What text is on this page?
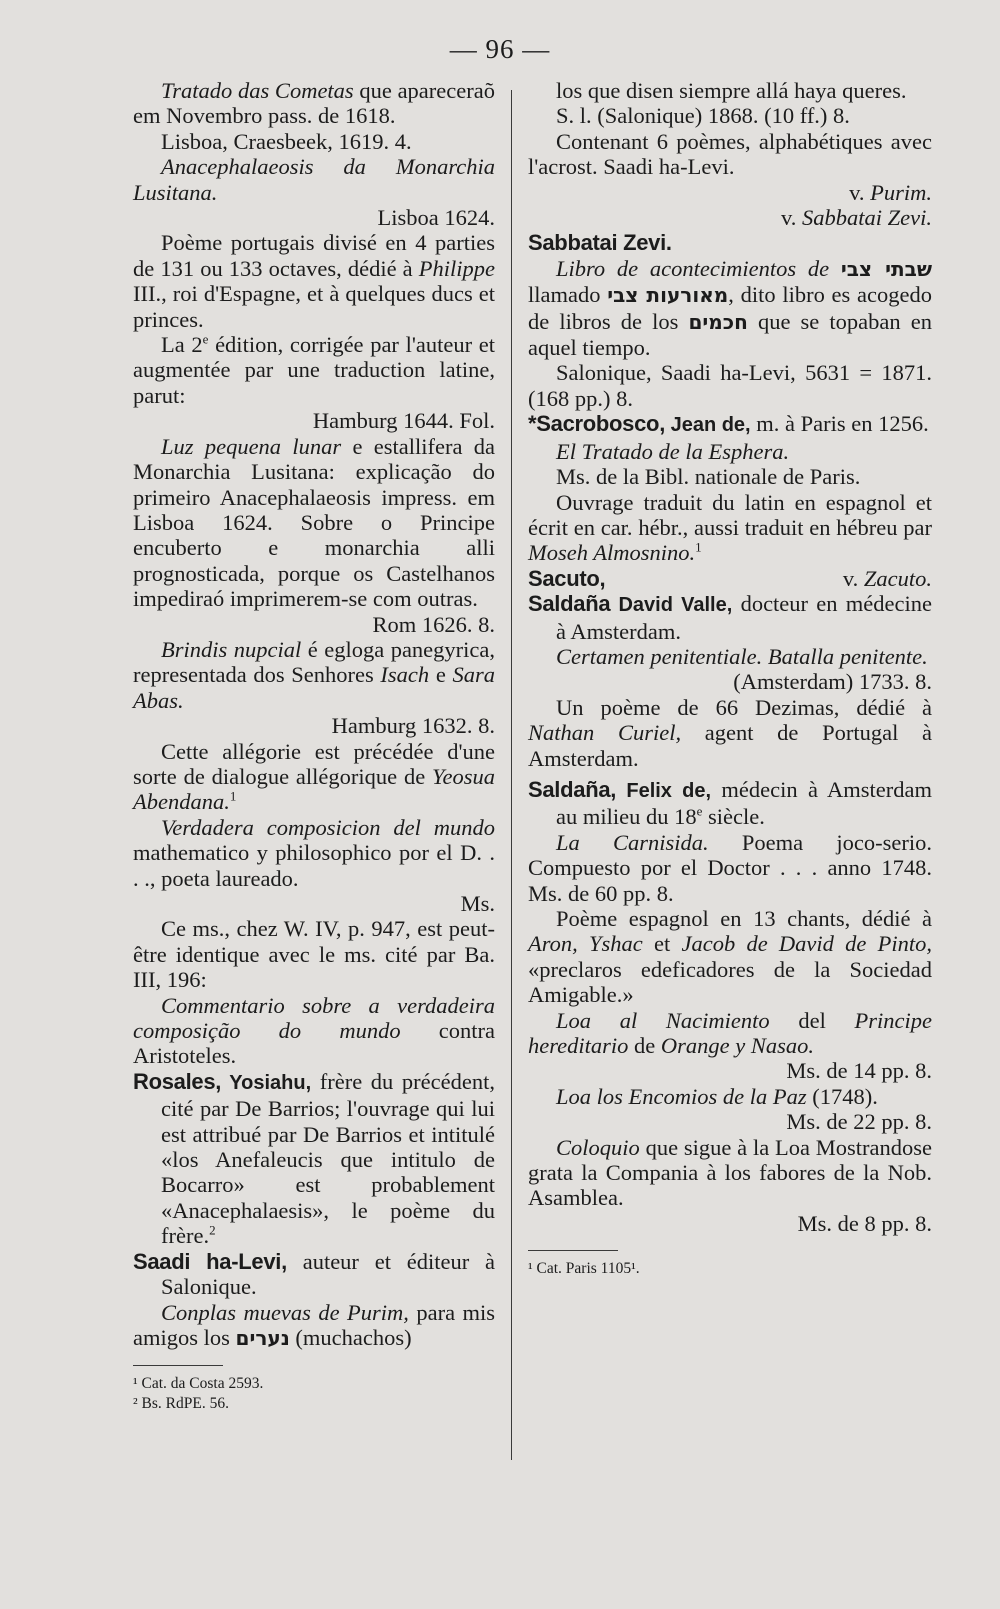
— 96 —

Tratado das Cometas que apareceraõ em Novembro pass. de 1618.

Lisboa, Craesbeek, 1619. 4.

Anacephalaeosis da Monarchia Lusitana.

Lisboa 1624.

Poème portugais divisé en 4 parties de 131 ou 133 octaves, dédié à Philippe III., roi d'Espagne, et à quelques ducs et princes.

La 2e édition, corrigée par l'auteur et augmentée par une traduction latine, parut:

Hamburg 1644. Fol.

Luz pequena lunar e estallifera da Monarchia Lusitana: explicação do primeiro Anacephalaeosis impress. em Lisboa 1624. Sobre o Principe encuberto e monarchia alli prognosticada, porque os Castelhanos impediraó imprimerem-se com outras.

Rom 1626. 8.

Brindis nupcial é egloga panegyrica, representada dos Senhores Isach e Sara Abas.

Hamburg 1632. 8.

Cette allégorie est précédée d'une sorte de dialogue allégorique de Yeosua Abendana.$^1$

Verdadera composicion del mundo mathematico y philosophico por el D. . . ., poeta laureado.

Ms.

Ce ms., chez W. IV, p. 947, est peut-être identique avec le ms. cité par Ba. III, 196:

Commentario sobre a verdadeira composição do mundo contra Aristoteles.

Rosales, Yosiahu, frère du précédent, cité par De Barrios; l'ouvrage qui lui est attribué par De Barrios et intitulé «los Anefaleucis que intitulo de Bocarro» est probablement «Anacephalaesis», le poème du frère.$^2$

Saadi ha-Levi, auteur et éditeur à Salonique.

Conplas muevas de Purim, para mis amigos los נערים (muchachos)

¹ Cat. da Costa 2593.

² Bs. RdPE. 56.

los que disen siempre allá haya queres.

S. l. (Salonique) 1868. (10 ff.) 8.

Contenant 6 poèmes, alphabétiques avec l'acrost. Saadi ha-Levi.

v. Purim.

v. Sabbatai Zevi.

Sabbatai Zevi.

Libro de acontecimientos de שבתי צבי llamado מאורעות צבי, dito libro es acogedo de libros de los חכמים que se topaban en aquel tiempo.

Salonique, Saadi ha-Levi, 5631 = 1871. (168 pp.) 8.

*Sacrobosco, Jean de, m. à Paris en 1256.

El Tratado de la Esphera.

Ms. de la Bibl. nationale de Paris.

Ouvrage traduit du latin en espagnol et écrit en car. hébr., aussi traduit en hébreu par Moseh Almosnino.$^1$

Sacuto,	v. Zacuto.

Saldaña David Valle, docteur en médecine à Amsterdam.

Certamen penitentiale. Batalla penitente.

(Amsterdam) 1733. 8.

Un poème de 66 Dezimas, dédié à Nathan Curiel, agent de Portugal à Amsterdam.

Saldaña, Felix de, médecin à Amsterdam au milieu du 18e siècle.

La Carnisida. Poema joco-serio. Compuesto por el Doctor . . . anno 1748. Ms. de 60 pp. 8.

Poème espagnol en 13 chants, dédié à Aron, Yshac et Jacob de David de Pinto, «preclaros edeficadores de la Sociedad Amigable.»

Loa al Nacimiento del Principe hereditario de Orange y Nasao.

Ms. de 14 pp. 8.

Loa los Encomios de la Paz (1748).

Ms. de 22 pp. 8.

Coloquio que sigue à la Loa Mostrandose grata la Compania à los fabores de la Nob. Asamblea.

Ms. de 8 pp. 8.

¹ Cat. Paris 1105¹.
